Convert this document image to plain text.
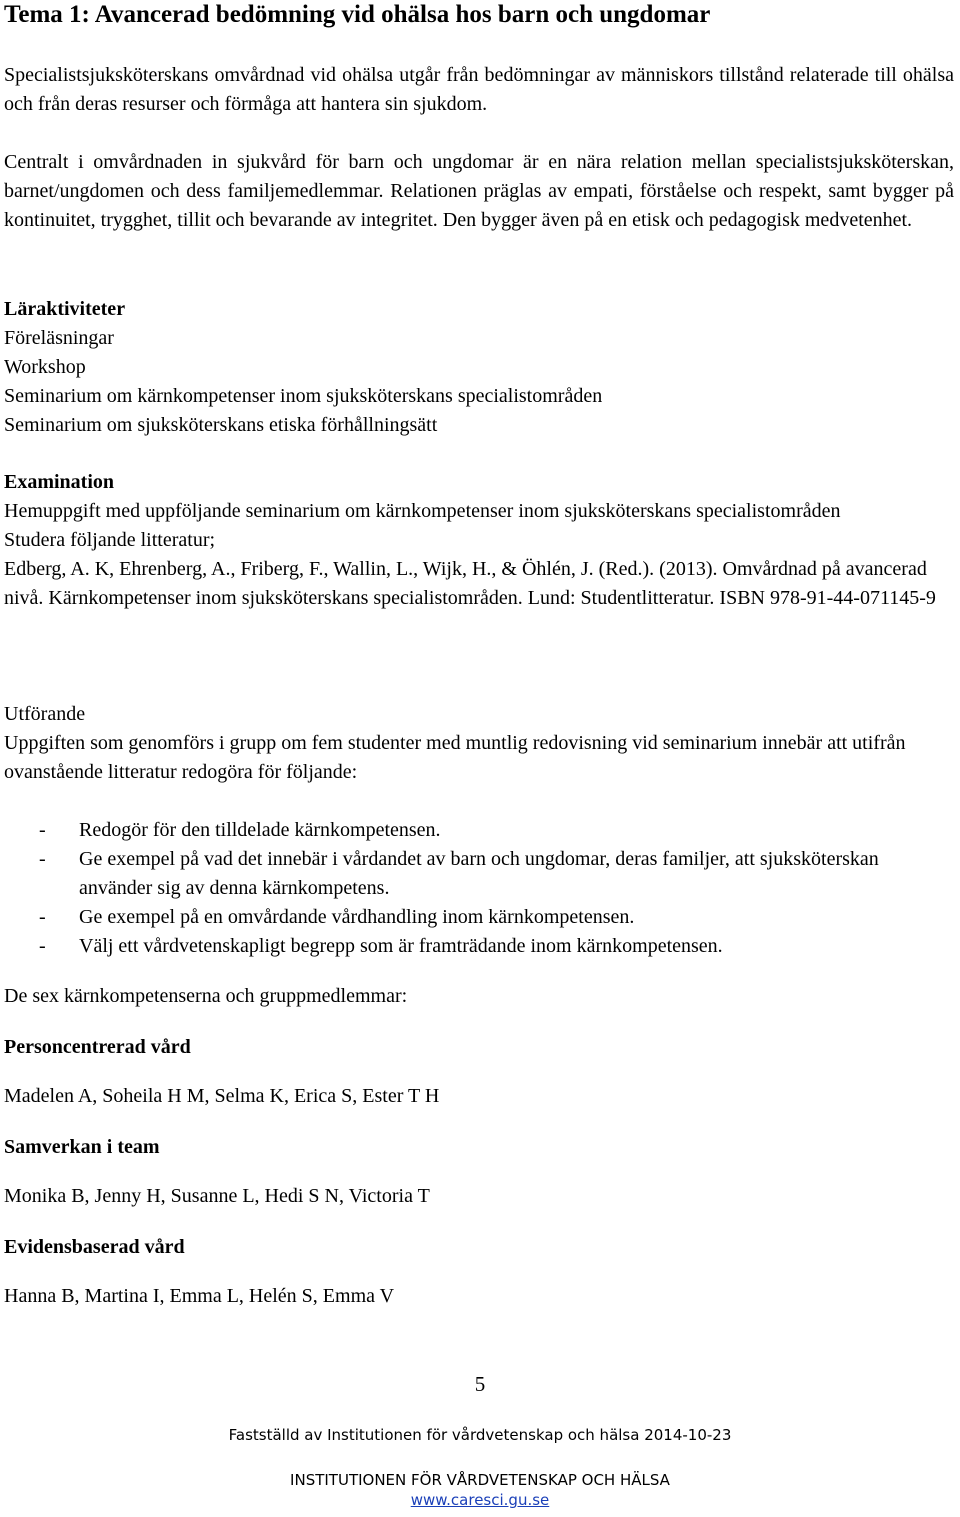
Tema 1: Avancerad bedömning vid ohälsa hos barn och ungdomar

Specialistsjuksköterskans omvårdnad vid ohälsa utgår från bedömningar av människors tillstånd relaterade till ohälsa och från deras resurser och förmåga att hantera sin sjukdom.

Centralt i omvårdnaden in sjukvård för barn och ungdomar är en nära relation mellan specialistsjuksköterskan, barnet/ungdomen och dess familjemedlemmar. Relationen präglas av empati, förståelse och respekt, samt bygger på kontinuitet, trygghet, tillit och bevarande av integritet. Den bygger även på en etisk och pedagogisk medvetenhet.

Läraktiviteter
Föreläsningar
Workshop
Seminarium om kärnkompetenser inom sjuksköterskans specialistområden
Seminarium om sjuksköterskans etiska förhållningsätt
Examination
Hemuppgift med uppföljande seminarium om kärnkompetenser inom sjuksköterskans specialistområden
Studera följande litteratur;
Edberg, A. K, Ehrenberg, A., Friberg, F., Wallin, L., Wijk, H., & Öhlén, J. (Red.). (2013). Omvårdnad på avancerad nivå. Kärnkompetenser inom sjuksköterskans specialistområden. Lund: Studentlitteratur. ISBN 978-91-44-071145-9
Utförande
Uppgiften som genomförs i grupp om fem studenter med muntlig redovisning vid seminarium innebär att utifrån ovanstående litteratur redogöra för följande:
- Redogör för den tilldelade kärnkompetensen.
- Ge exempel på vad det innebär i vårdandet av barn och ungdomar, deras familjer, att sjuksköterskan använder sig av denna kärnkompetens.
- Ge exempel på en omvårdande vårdhandling inom kärnkompetensen.
- Välj ett vårdvetenskapligt begrepp som är framträdande inom kärnkompetensen.

De sex kärnkompetenserna och gruppmedlemmar:

Personcentrerad vård
Madelen A, Soheila H M, Selma K, Erica S, Ester T H
Samverkan i team
Monika B, Jenny H, Susanne L, Hedi S N, Victoria T
Evidensbaserad vård
Hanna B, Martina I, Emma L, Helén S, Emma V
5
Fastställd av Institutionen för vårdvetenskap och hälsa 2014-10-23
INSTITUTIONEN FÖR VÅRDVETENSKAP OCH HÄLSA
www.caresci.gu.se
